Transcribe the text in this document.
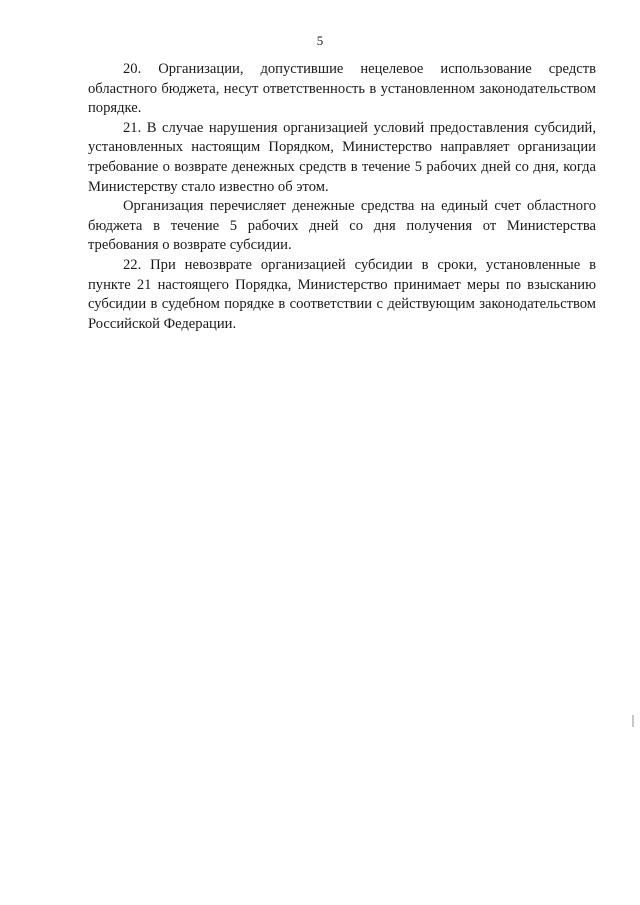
5

20. Организации, допустившие нецелевое использование средств областного бюджета, несут ответственность в установленном законодательством порядке.

21. В случае нарушения организацией условий предоставления субсидий, установленных настоящим Порядком, Министерство направляет организации требование о возврате денежных средств в течение 5 рабочих дней со дня, когда Министерству стало известно об этом.

Организация перечисляет денежные средства на единый счет областного бюджета в течение 5 рабочих дней со дня получения от Министерства требования о возврате субсидии.

22. При невозврате организацией субсидии в сроки, установленные в пункте 21 настоящего Порядка, Министерство принимает меры по взысканию субсидии в судебном порядке в соответствии с действующим законодательством Российской Федерации.
